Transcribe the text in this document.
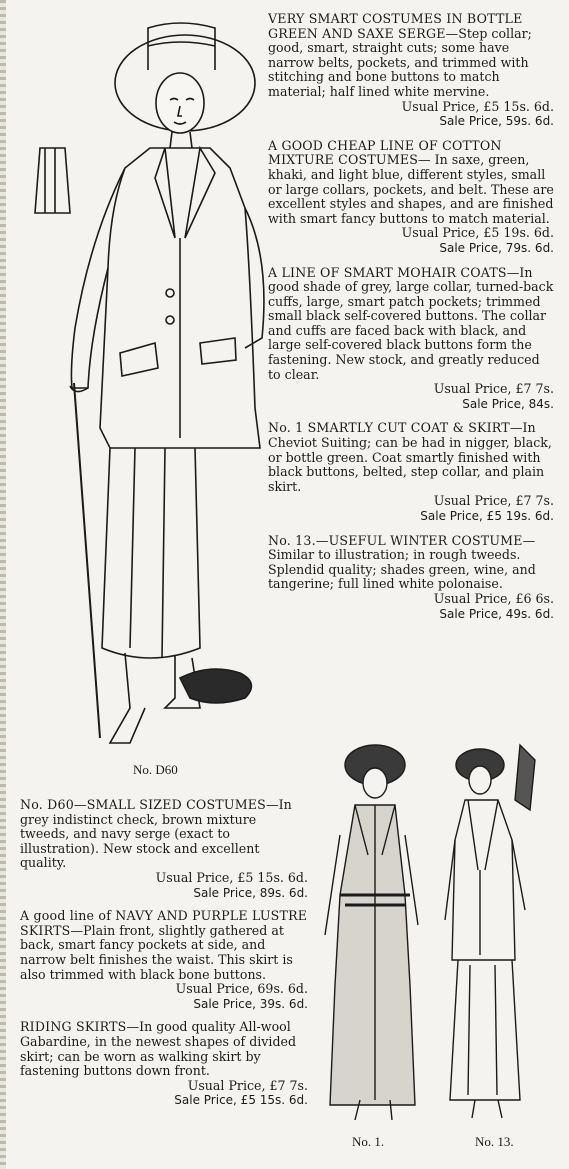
No. D60
VERY SMART COSTUMES IN BOTTLE GREEN AND SAXE SERGE—Step collar; good, smart, straight cuts; some have narrow belts, pockets, and trimmed with stitching and bone buttons to match material; half lined white mervine.
Usual Price, £5 15s. 6d.
Sale Price, 59s. 6d.
A GOOD CHEAP LINE OF COTTON MIXTURE COSTUMES— In saxe, green, khaki, and light blue, different styles, small or large collars, pockets, and belt. These are excellent styles and shapes, and are finished with smart fancy buttons to match material.
Usual Price, £5 19s. 6d.
Sale Price, 79s. 6d.
A LINE OF SMART MOHAIR COATS—In good shade of grey, large collar, turned-back cuffs, large, smart patch pockets; trimmed small black self-covered buttons. The collar and cuffs are faced back with black, and large self-covered black buttons form the fastening. New stock, and greatly reduced to clear.
Usual Price, £7 7s.
Sale Price, 84s.
No. 1 SMARTLY CUT COAT & SKIRT—In Cheviot Suiting; can be had in nigger, black, or bottle green. Coat smartly finished with black buttons, belted, step collar, and plain skirt.
Usual Price, £7 7s.
Sale Price, £5 19s. 6d.
No. 13.—USEFUL WINTER COSTUME—Similar to illustration; in rough tweeds. Splendid quality; shades green, wine, and tangerine; full lined white polonaise.
Usual Price, £6 6s.
Sale Price, 49s. 6d.
No. D60—SMALL SIZED COSTUMES—In grey indistinct check, brown mixture tweeds, and navy serge (exact to illustration). New stock and excellent quality.
Usual Price, £5 15s. 6d.
Sale Price, 89s. 6d.
A good line of NAVY AND PURPLE LUSTRE SKIRTS—Plain front, slightly gathered at back, smart fancy pockets at side, and narrow belt finishes the waist. This skirt is also trimmed with black bone buttons.
Usual Price, 69s. 6d.
Sale Price, 39s. 6d.
RIDING SKIRTS—In good quality All-wool Gabardine, in the newest shapes of divided skirt; can be worn as walking skirt by fastening buttons down front.
Usual Price, £7 7s.
Sale Price, £5 15s. 6d.
No. 1.	No. 13.
